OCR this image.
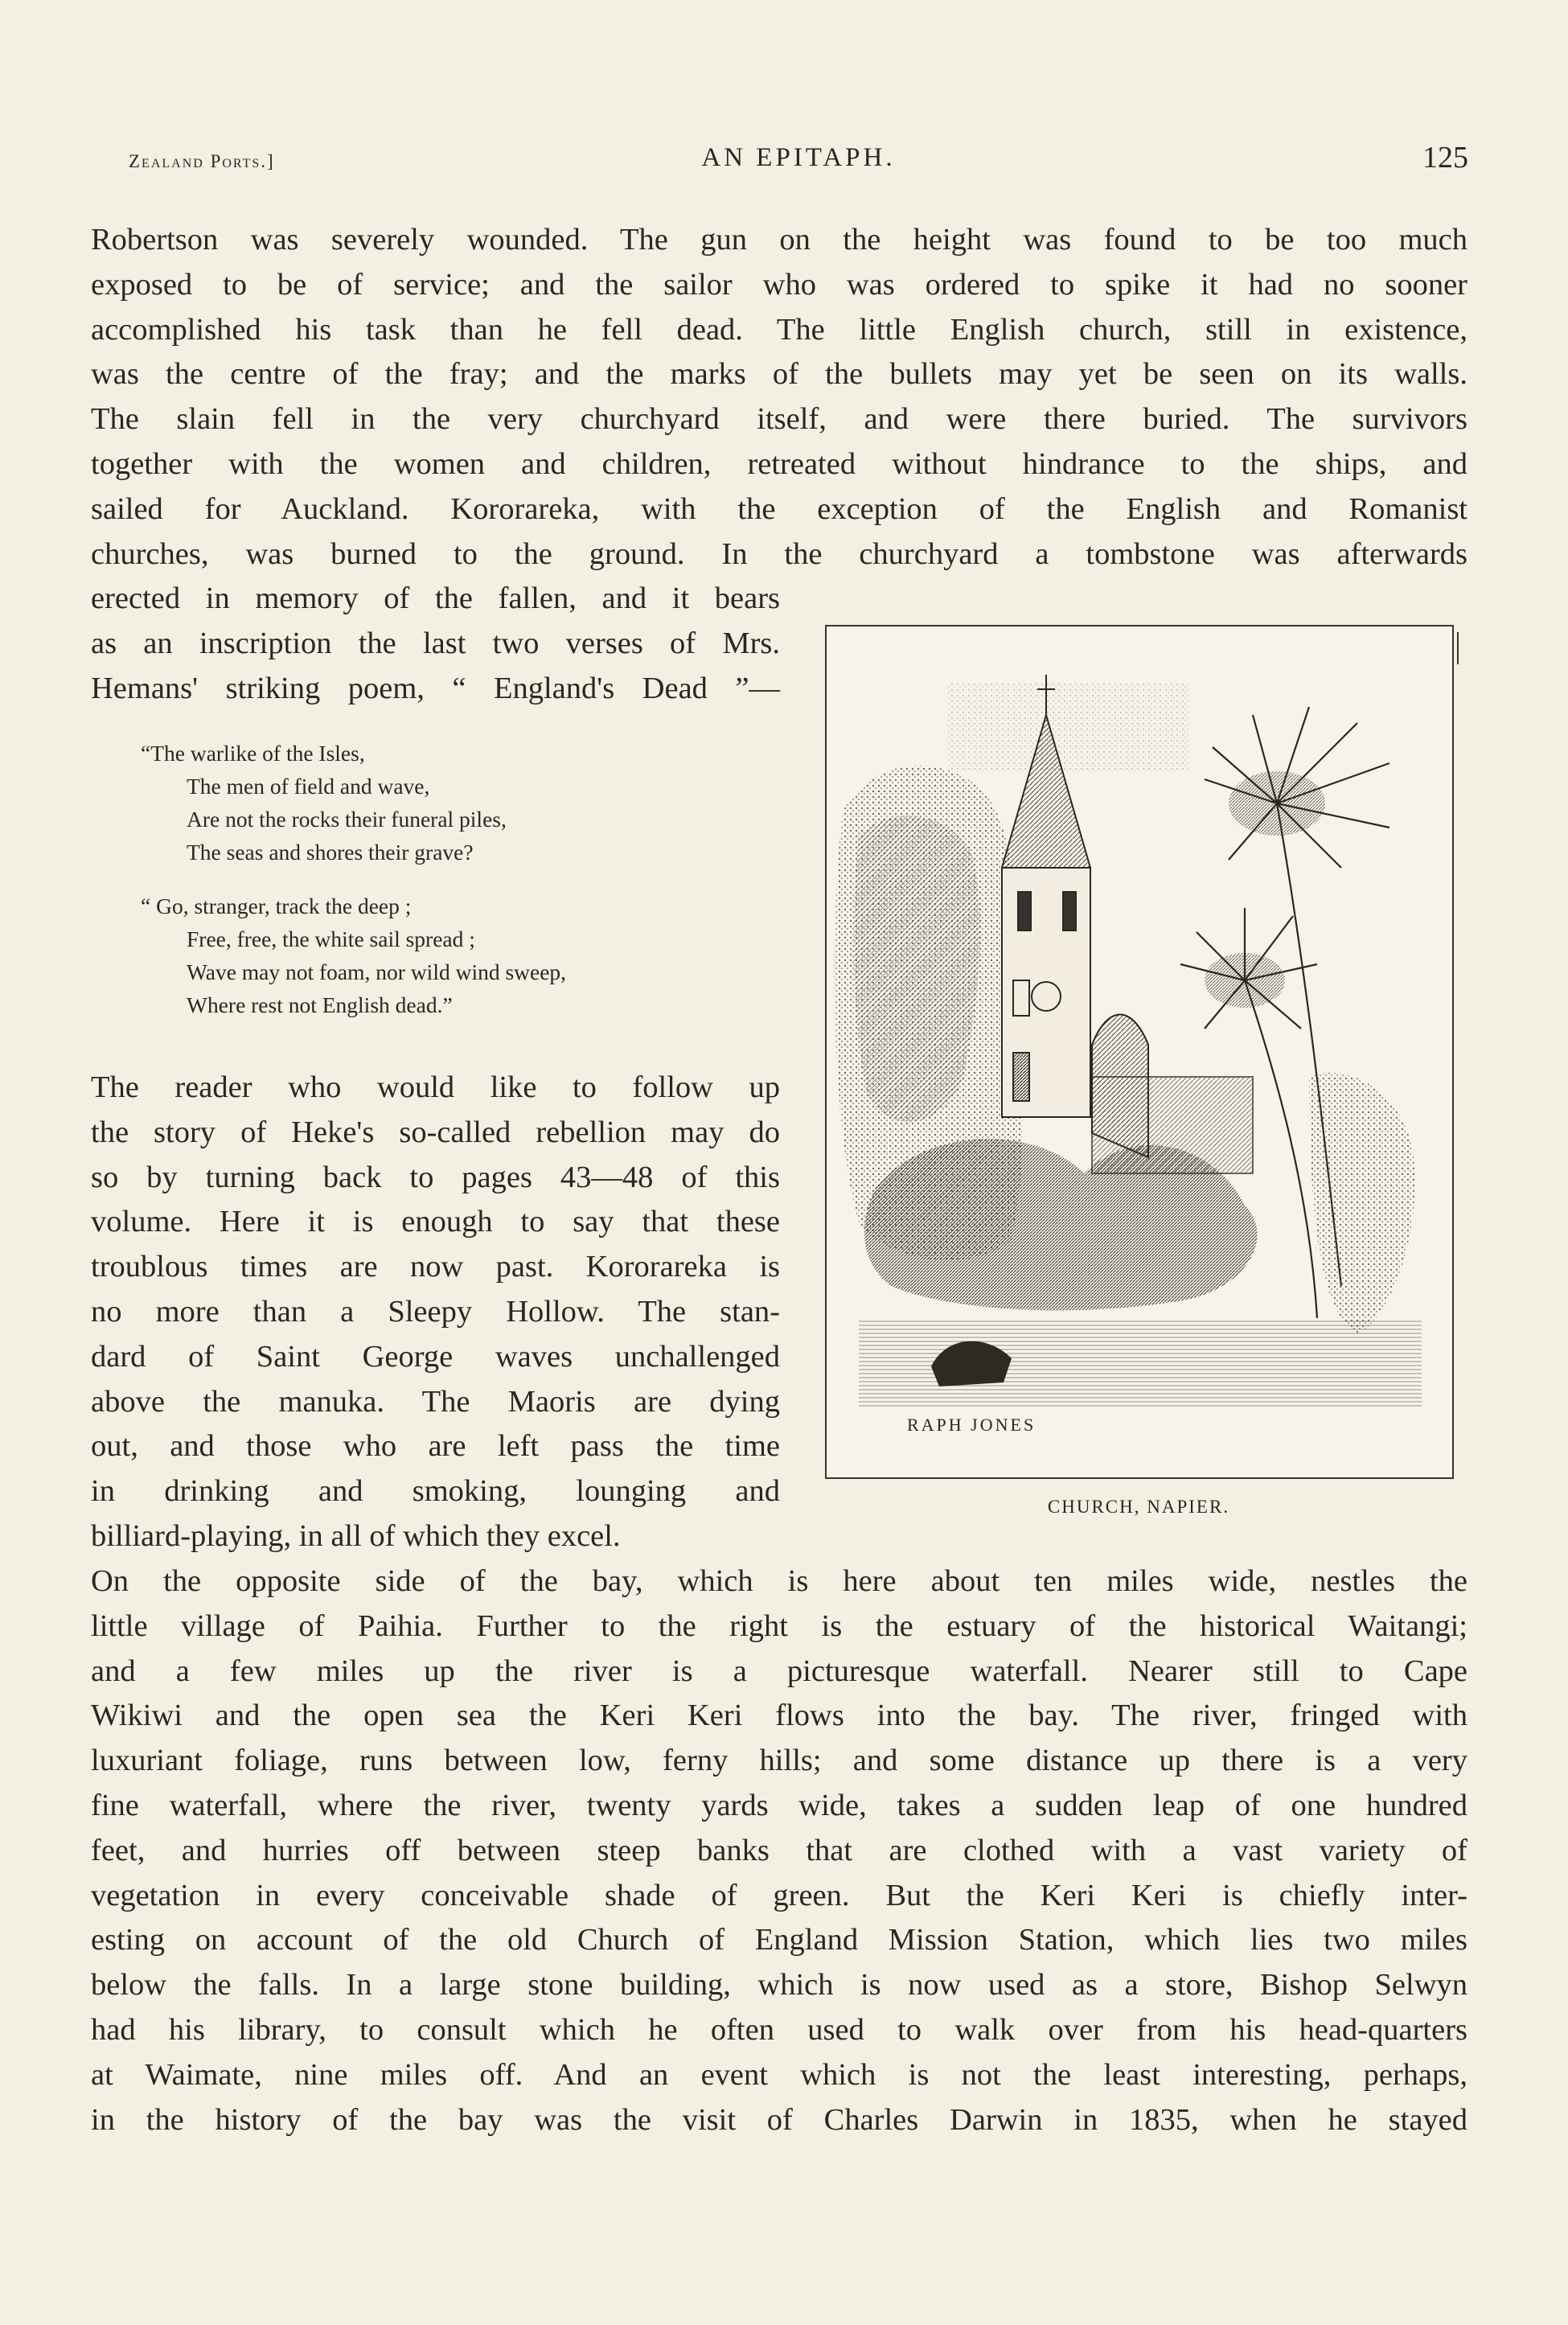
Zealand Ports.]	AN EPITAPH.	125

Robertson was severely wounded. The gun on the height was found to be too much
exposed to be of service; and the sailor who was ordered to spike it had no sooner
accomplished his task than he fell dead. The little English church, still in existence,
was the centre of the fray; and the marks of the bullets may yet be seen on its walls.
The slain fell in the very churchyard itself, and were there buried. The survivors
together with the women and children, retreated without hindrance to the ships, and
sailed for Auckland. Kororareka, with the exception of the English and Romanist
churches, was burned to the ground. In the churchyard a tombstone was afterwards

erected in memory of the fallen, and it bears
as an inscription the last two verses of Mrs.
Hemans' striking poem, “ England's Dead ”—

“The warlike of the Isles,
The men of field and wave,
Are not the rocks their funeral piles,
The seas and shores their grave?
“ Go, stranger, track the deep ;
Free, free, the white sail spread ;
Wave may not foam, nor wild wind sweep,
Where rest not English dead.”

The reader who would like to follow up
the story of Heke's so-called rebellion may do
so by turning back to pages 43—48 of this
volume. Here it is enough to say that these
troublous times are now past. Kororareka is
no more than a Sleepy Hollow. The stan-
dard of Saint George waves unchallenged
above the manuka. The Maoris are dying
out, and those who are left pass the time
in drinking and smoking, lounging and
billiard-playing, in all of which they excel.

On the opposite side of the bay, which is here about ten miles wide, nestles the
little village of Paihia. Further to the right is the estuary of the historical Waitangi;
and a few miles up the river is a picturesque waterfall. Nearer still to Cape
Wikiwi and the open sea the Keri Keri flows into the bay. The river, fringed with
luxuriant foliage, runs between low, ferny hills; and some distance up there is a very
fine waterfall, where the river, twenty yards wide, takes a sudden leap of one hundred
feet, and hurries off between steep banks that are clothed with a vast variety of
vegetation in every conceivable shade of green. But the Keri Keri is chiefly inter-
esting on account of the old Church of England Mission Station, which lies two miles
below the falls. In a large stone building, which is now used as a store, Bishop Selwyn
had his library, to consult which he often used to walk over from his head-quarters
at Waimate, nine miles off. And an event which is not the least interesting, perhaps,
in the history of the bay was the visit of Charles Darwin in 1835, when he stayed

RAPH JONES
CHURCH, NAPIER.
